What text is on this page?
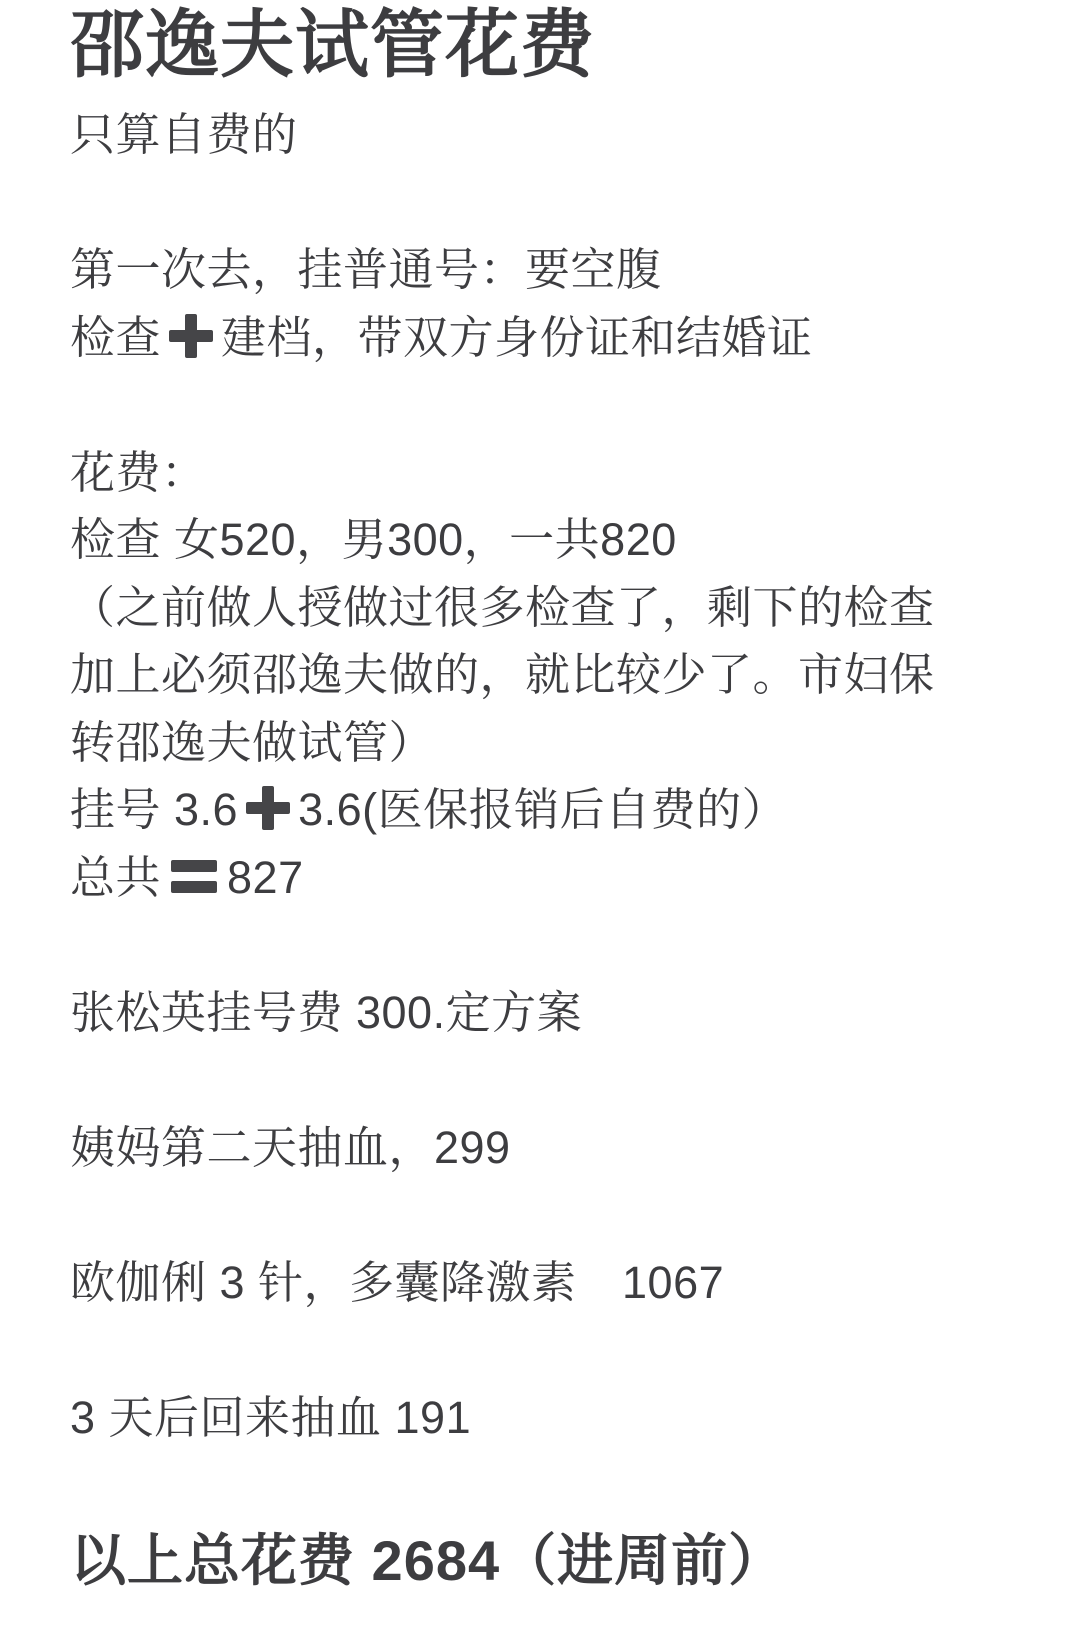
邵逸夫试管花费
只算自费的
第一次去，挂普通号：要空腹
检查 建档，带双方身份证和结婚证
花费：
检查 女520，男300，一共820
（之前做人授做过很多检查了，剩下的检查
加上必须邵逸夫做的，就比较少了。市妇保
转邵逸夫做试管）
挂号 3.6 3.6(医保报销后自费的）
总共 827
张松英挂号费 300.定方案
姨妈第二天抽血，299
欧伽俐 3 针，多囊降激素　1067
3 天后回来抽血 191
以上总花费 2684（进周前）
